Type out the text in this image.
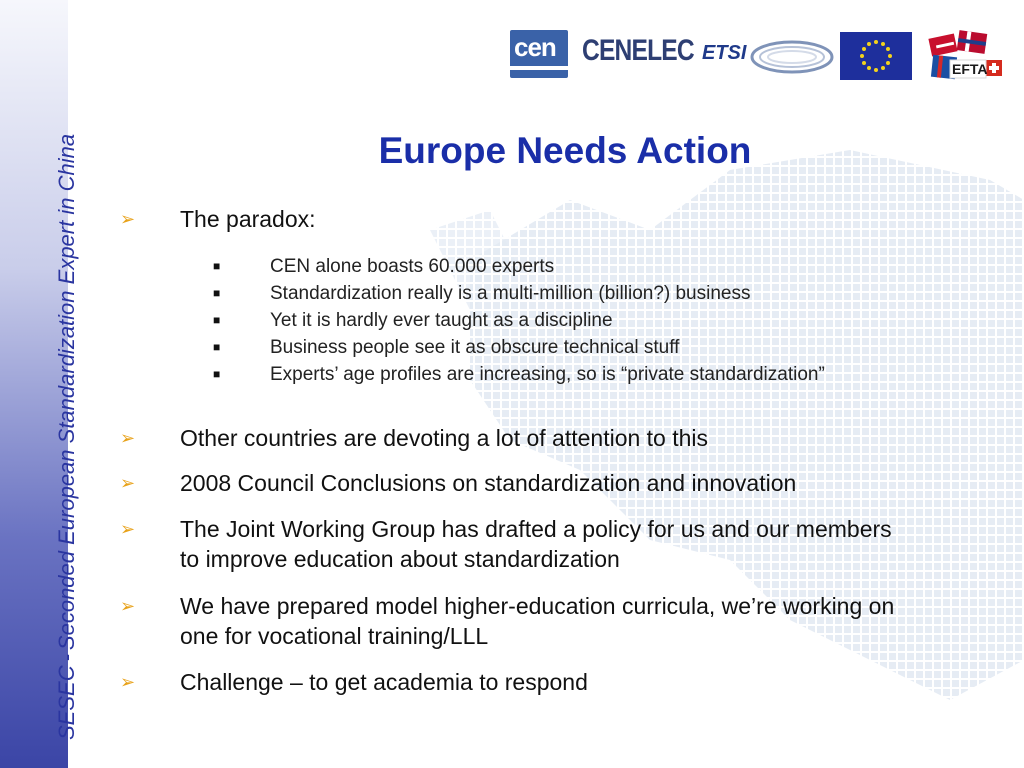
SESEC-Seconded European Standardization Expert in China
cen CENELEC ETSI
EFTA
Europe Needs Action
➢ The paradox:
■	CEN alone boasts 60.000 experts
■	Standardization really is a multi-million (billion?) business
■	Yet it is hardly ever taught as a discipline
■	Business people see it as obscure technical stuff
■	Experts’ age profiles are increasing, so is “private standardization”
➢ Other countries are devoting a lot of attention to this
➢ 2008 Council Conclusions on standardization and innovation
➢ The Joint Working Group has drafted a policy for us and our members
to improve education about standardization
➢ We have prepared model higher-education curricula, we’re working on
one for vocational training/LLL
➢ Challenge – to get academia to respond
